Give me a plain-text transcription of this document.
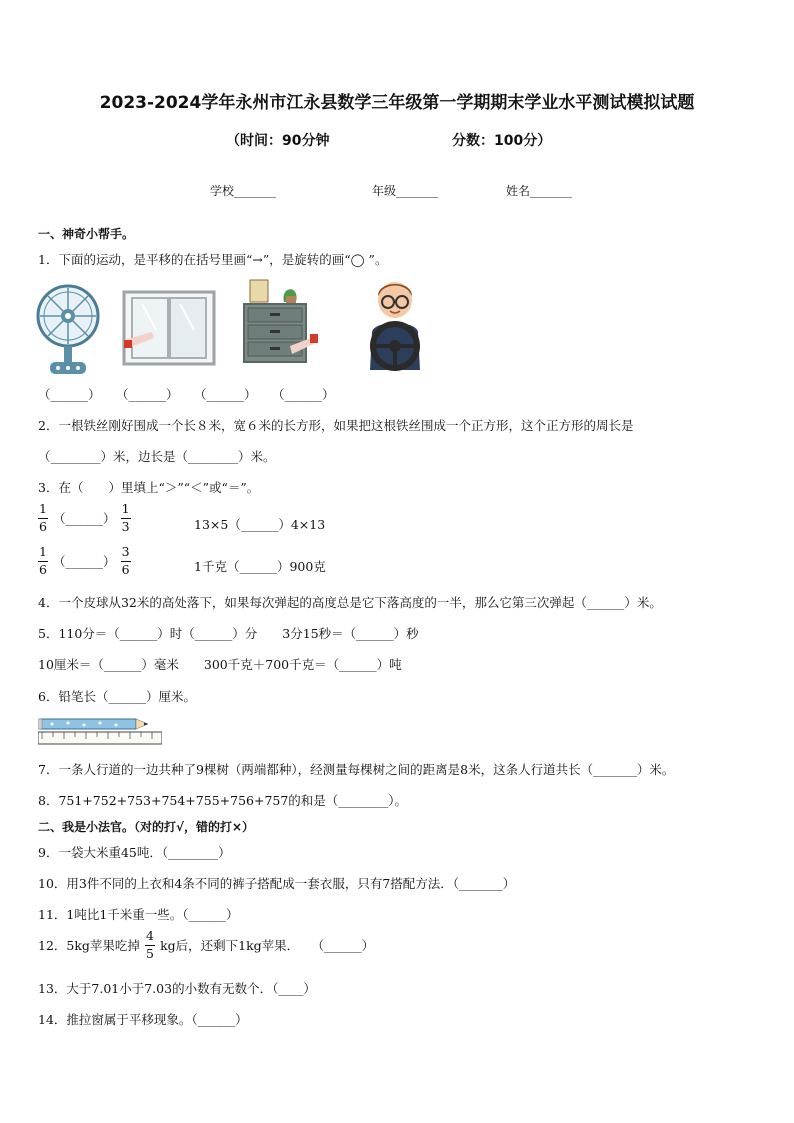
2023-2024学年永州市江永县数学三年级第一学期期末学业水平测试模拟试题
（时间：90分钟	分数：100分）
学校_______	年级_______	姓名_______
一、神奇小帮手。
1．下面的运动，是平移的在括号里画“→”，是旋转的画“◯ ”。
（______） （______） （______） （______）
2．一根铁丝刚好围成一个长８米，宽６米的长方形，如果把这根铁丝围成一个正方形，这个正方形的周长是
（________）米，边长是（________）米。
3．在（　　）里填上“＞”“＜”或“＝”。
$\frac{1}{6}$ （______） $\frac{1}{3}$	13×5（______）4×13
$\frac{1}{6}$ （______） $\frac{3}{6}$	1千克（______）900克
4．一个皮球从32米的高处落下，如果每次弹起的高度总是它下落高度的一半，那么它第三次弹起（______）米。
5．110分＝（______）时（______）分　　3分15秒＝（______）秒
10厘米＝（______）毫米　　300千克＋700千克＝（______）吨
6．铅笔长（______）厘米。
7．一条人行道的一边共种了9棵树（两端都种），经测量每棵树之间的距离是8米，这条人行道共长（_______）米。
8．751+752+753+754+755+756+757的和是（________）。
二、我是小法官。（对的打√，错的打×）
9．一袋大米重45吨．（________）
10．用3件不同的上衣和4条不同的裤子搭配成一套衣服，只有7搭配方法．（_______）
11．1吨比1千米重一些。（______）
12．5kg苹果吃掉 $\frac{4}{5}$ kg后，还剩下1kg苹果．　　（______）
13．大于7.01小于7.03的小数有无数个．（____）
14．推拉窗属于平移现象。（______）
